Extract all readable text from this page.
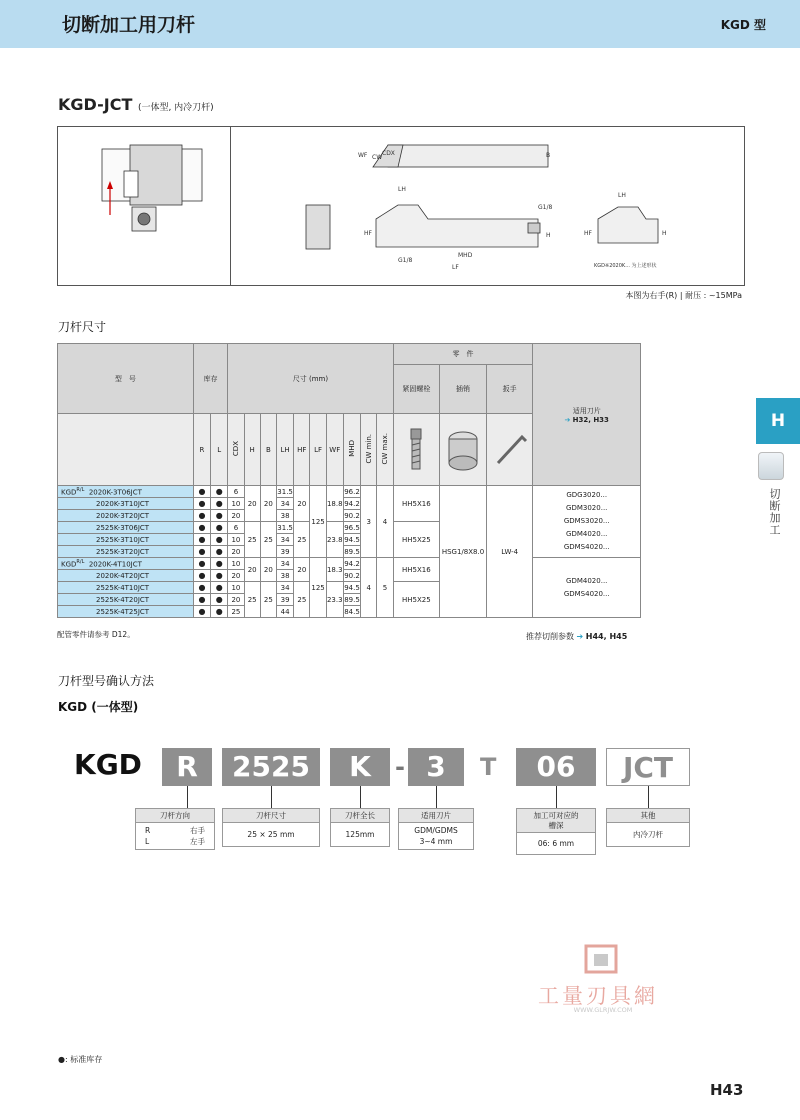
切断加工用刀杆	KGD 型
H
切断加工
KGD-JCT (一体型, 内冷刀杆)
WF CW
CDX	B
LH
G1/8
HF	H
G1/8
MHD
LF
LH
HF	H
KGD※2020K... 为上述形状
本图为右手(R) | 耐压 : ~15MPa
刀杆尺寸
型　号	库存		尺寸 (mm)										零　件			适用刀片
➔ H32, H33
													紧固螺栓	插销	扳手	
	R	L	CDX	H	B	LH	HF	LF	WF	MHD	CW min.	CW max.			
$KGD^{R/L}$ 2020K-3T06JCT	●	●	6	20	20	31.5	20	125	18.8	96.2	3	4	HH5X16	HSG1/8X8.0	LW-4	GDG3020...
GDM3020...
GDMS3020...
GDM4020...
GDMS4020...

2020K-3T10JCT	●	●	10			34				94.2						
2020K-3T20JCT	●	●	20			38				90.2						
2525K-3T06JCT	●	●	6	25	25	31.5	25		23.8	96.5			HH5X25			
2525K-3T10JCT	●	●	10			34				94.5						
2525K-3T20JCT	●	●	20			39				89.5						
$KGD^{R/L}$ 2020K-4T10JCT	●	●	10	20	20	34	20	125	18.3	94.2	4	5	HH5X16			GDM4020...
GDMS4020...

2020K-4T20JCT	●	●	20			38				90.2						
2525K-4T10JCT	●	●	10	25	25	34	25		23.3	94.5			HH5X25			
2525K-4T20JCT	●	●	20			39				89.5						
2525K-4T25JCT	●	●	25			44				84.5						
配管零件请参考 D12。	推荐切削参数 ➔ H44, H45
刀杆型号确认方法
KGD (一体型)
KGD	R	2525	K	- 3	T	06	JCT
刀杆方向
R	右手
L	左手
刀杆尺寸
25 × 25 mm
刀杆全长
125mm
适用刀片
GDM/GDMS
3~4 mm
加工可对应的
槽深
06: 6 mm
其他
内冷刀杆
工量刃具網
WWW.GLRJW.COM
●: 标准库存
H43
